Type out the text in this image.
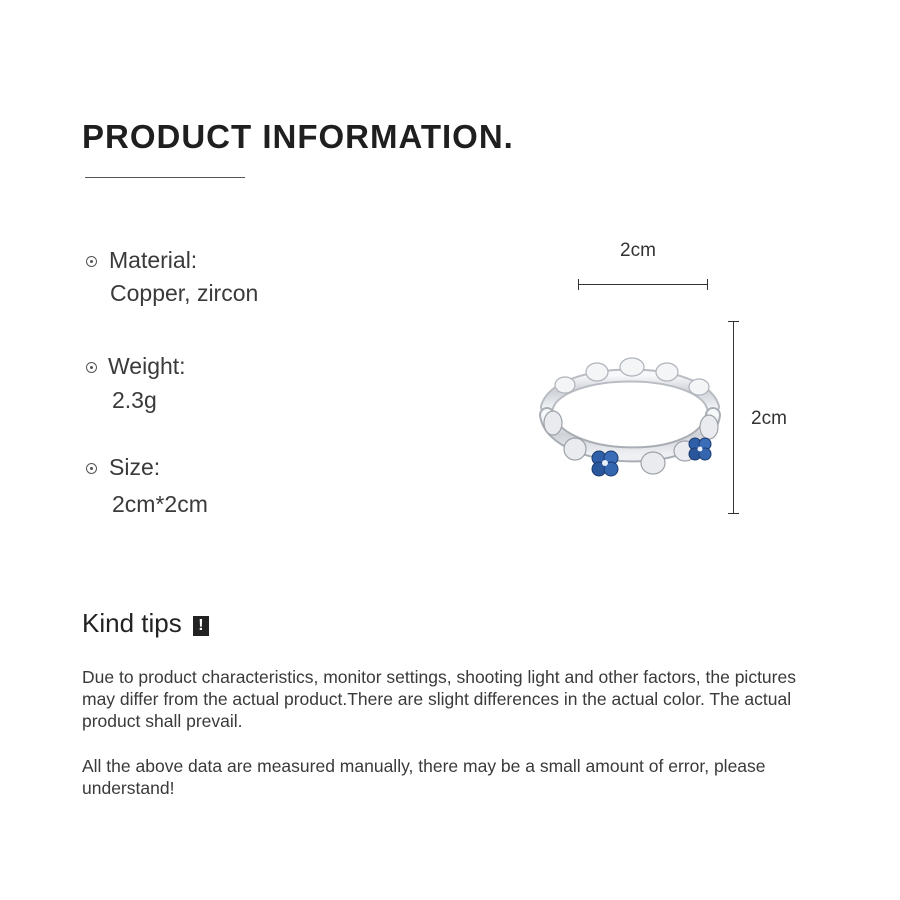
PRODUCT INFORMATION.
Material:
Copper, zircon
Weight:
2.3g
Size:
2cm*2cm
2cm
2cm
Kind tips !
Due to product characteristics, monitor settings, shooting light and other factors, the pictures may differ from the actual product.There are slight differences in the actual color. The actual product shall prevail.
All the above data are measured manually, there may be a small amount of error, please understand!
